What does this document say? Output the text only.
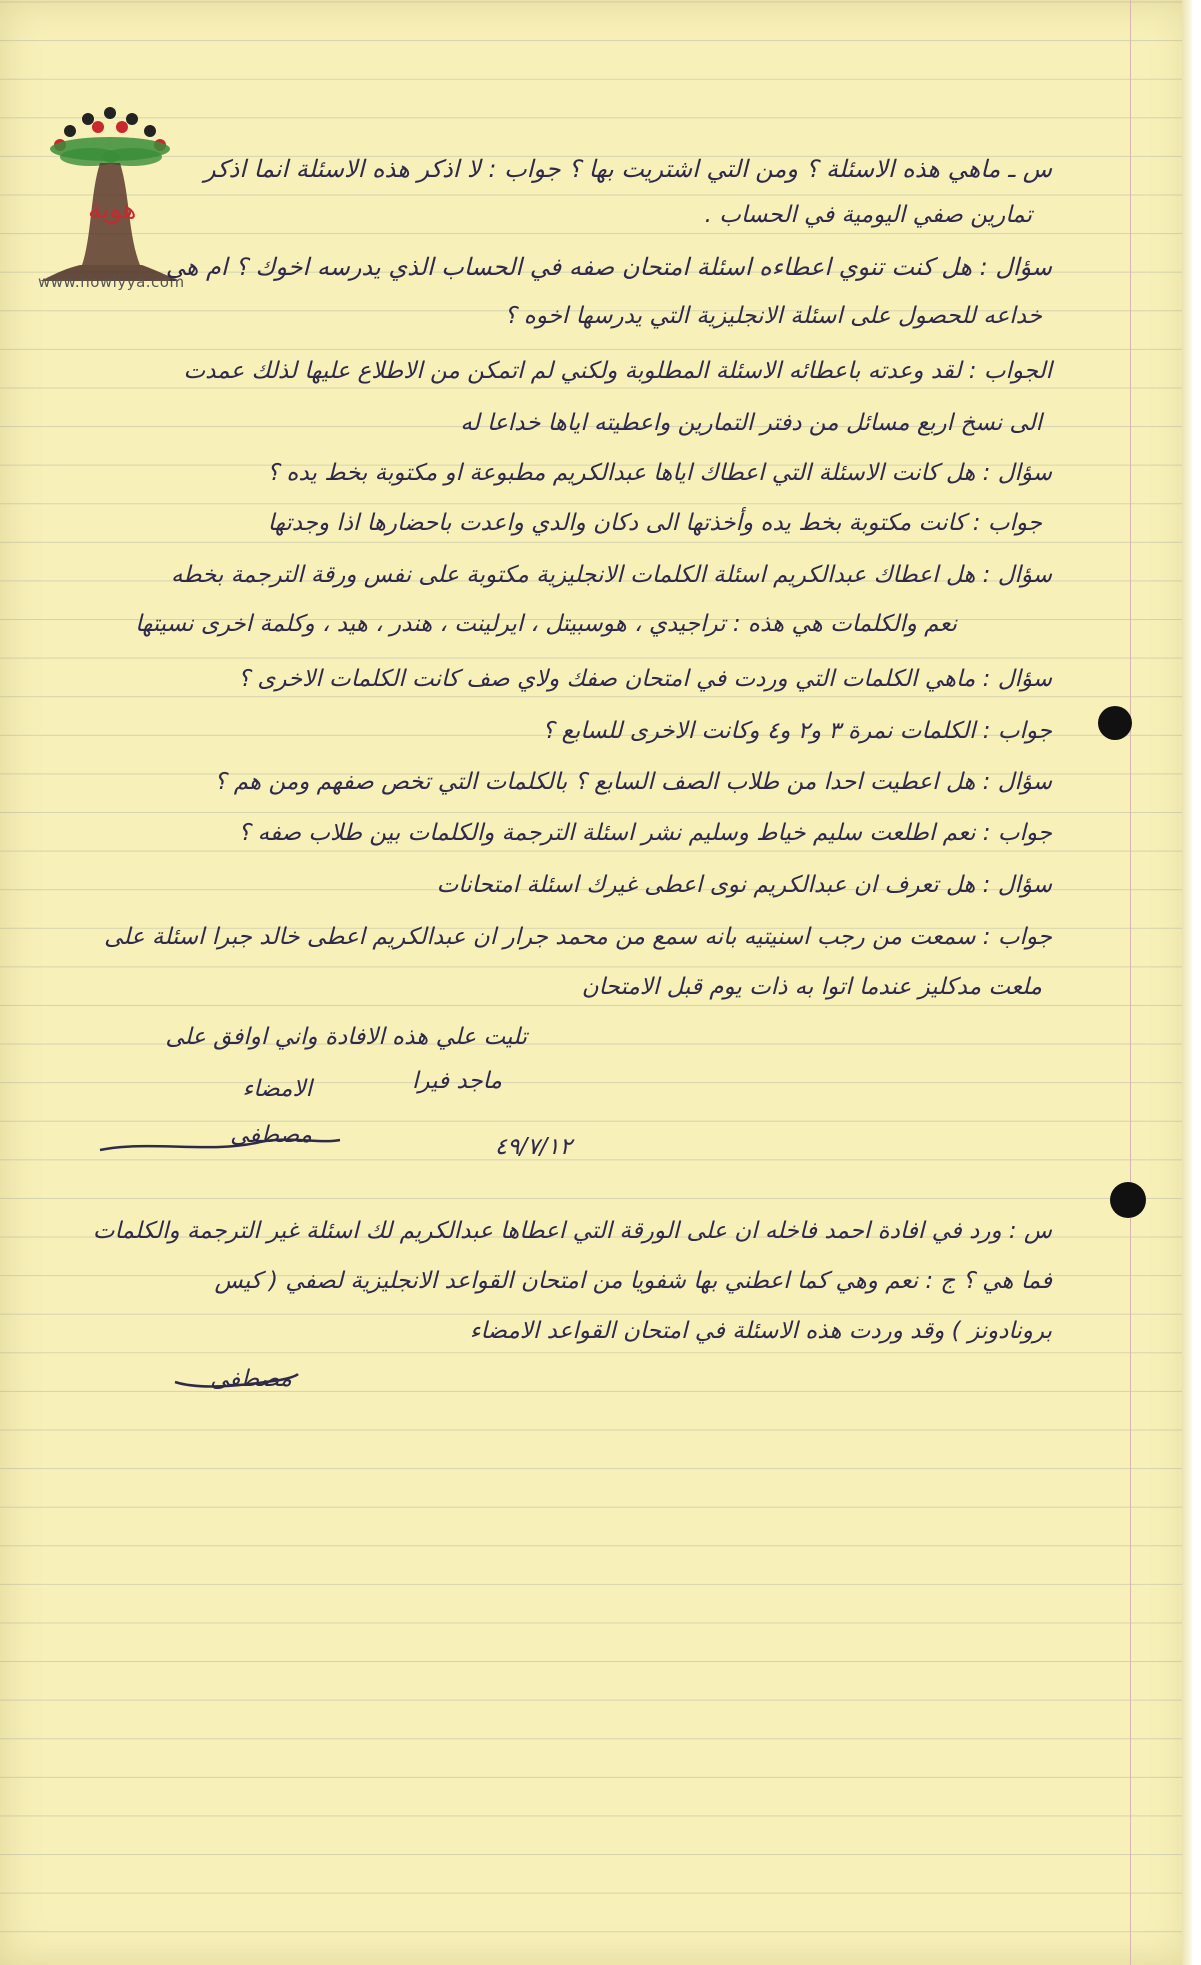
هوية
www.howiyya.com
س ـ ماهي هذه الاسئلة ؟ ومن التي اشتريت بها ؟ جواب : لا اذكر هذه الاسئلة انما اذكر
تمارين صفي اليومية في الحساب .
سؤال : هل كنت تنوي اعطاءه اسئلة امتحان صفه في الحساب الذي يدرسه اخوك ؟ ام هي
خداعه للحصول على اسئلة الانجليزية التي يدرسها اخوه ؟
الجواب : لقد وعدته باعطائه الاسئلة المطلوبة ولكني لم اتمكن من الاطلاع عليها لذلك عمدت
الى نسخ اربع مسائل من دفتر التمارين واعطيته اياها خداعا له
سؤال : هل كانت الاسئلة التي اعطاك اياها عبدالكريم مطبوعة او مكتوبة بخط يده ؟
جواب : كانت مكتوبة بخط يده وأخذتها الى دكان والدي واعدت باحضارها اذا وجدتها
سؤال : هل اعطاك عبدالكريم اسئلة الكلمات الانجليزية مكتوبة على نفس ورقة الترجمة بخطه
نعم والكلمات هي هذه : تراجيدي ، هوسبيتل ، ايرلينت ، هندر ، هيد ، وكلمة اخرى نسيتها
سؤال : ماهي الكلمات التي وردت في امتحان صفك ولاي صف كانت الكلمات الاخرى ؟
جواب : الكلمات نمرة ٣ و٢ و٤ وكانت الاخرى للسابع ؟
سؤال : هل اعطيت احدا من طلاب الصف السابع ؟ بالكلمات التي تخص صفهم ومن هم ؟
جواب : نعم اطلعت سليم خياط وسليم نشر اسئلة الترجمة والكلمات بين طلاب صفه ؟
سؤال : هل تعرف ان عبدالكريم نوى اعطى غيرك اسئلة امتحانات
جواب : سمعت من رجب اسنيتيه بانه سمع من محمد جرار ان عبدالكريم اعطى خالد جبرا اسئلة على
ملعت مدكليز عندما اتوا به ذات يوم قبل الامتحان
تليت علي هذه الافادة واني اوافق على
الامضاء	ماجد فيرا
مصطفى	٤٩/٧/١٢
س : ورد في افادة احمد فاخله ان على الورقة التي اعطاها عبدالكريم لك اسئلة غير الترجمة والكلمات
فما هي ؟ ج : نعم وهي كما اعطني بها شفويا من امتحان القواعد الانجليزية لصفي ( كيس
برونادونز ) وقد وردت هذه الاسئلة في امتحان القواعد الامضاء
مصطفى
